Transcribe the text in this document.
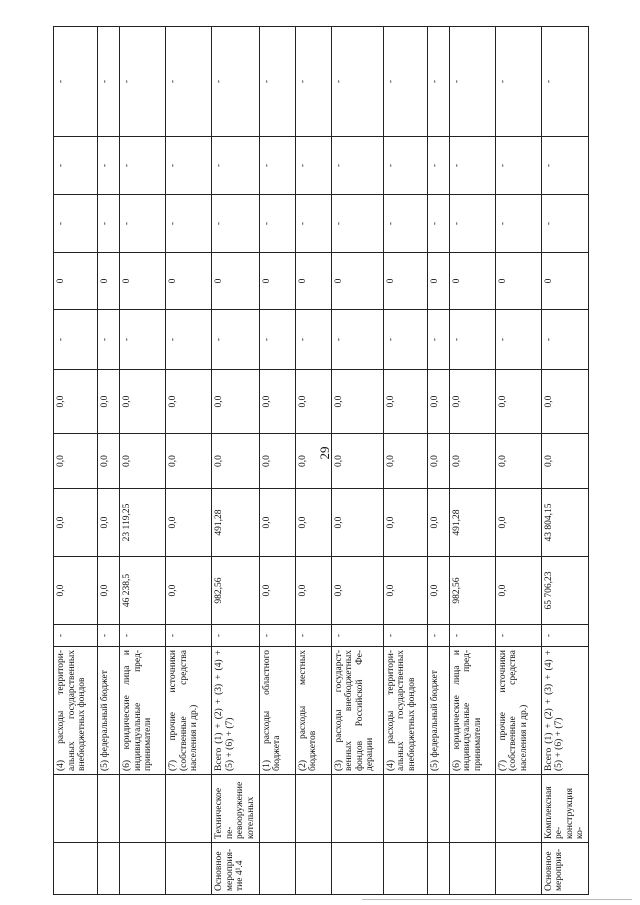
29
		(4) расходы территори-альных государственных внебюджетных фондов	-	0,0	0,0	0,0	0,0	-	0	-	-	-
		(5) федеральный бюджет	-	0,0	0,0	0,0	0,0	-	0	-	-	-
		(6) юридические лица и индивидуальные пред-приниматели	-	46 238,5	23 119,25	0,0	0,0	-	0	-	-	-
		(7) прочие источники (собственные средства населения и др.)	-	0,0	0,0	0,0	0,0	-	0	-	-	-
Основное мероприя-тие 4¹.4	Техническое пе-ревооружение котельных	Всего (1) + (2) + (3) + (4) + (5) + (6) + (7)	-	982,56	491,28	0,0	0,0	-	0	-	-	-
		(1) расходы областного бюджета	-	0,0	0,0	0,0	0,0	-	0	-	-	-
		(2) расходы местных бюджетов	-	0,0	0,0	0,0	0,0	-	0	-	-	-
		(3) расходы государст-венных внебюджетных фондов Российской Фе-дерации	-	0,0	0,0	0,0	0,0	-	0	-	-	-
		(4) расходы территори-альных государственных внебюджетных фондов	-	0,0	0,0	0,0	0,0	-	0	-	-	-
		(5) федеральный бюджет	-	0,0	0,0	0,0	0,0	-	0	-	-	-
		(6) юридические лица и индивидуальные пред-приниматели	-	982,56	491,28	0,0	0,0	-	0	-	-	-
		(7) прочие источники (собственные средства населения и др.)	-	0,0	0,0	0,0	0,0	-	0	-	-	-
Основное мероприя-	Комплексная ре-конструкция ко-	Всего (1) + (2) + (3) + (4) + (5) + (6) + (7)	-	65 706,23	43 804,15	0,0	0,0	-	0	-	-	-
